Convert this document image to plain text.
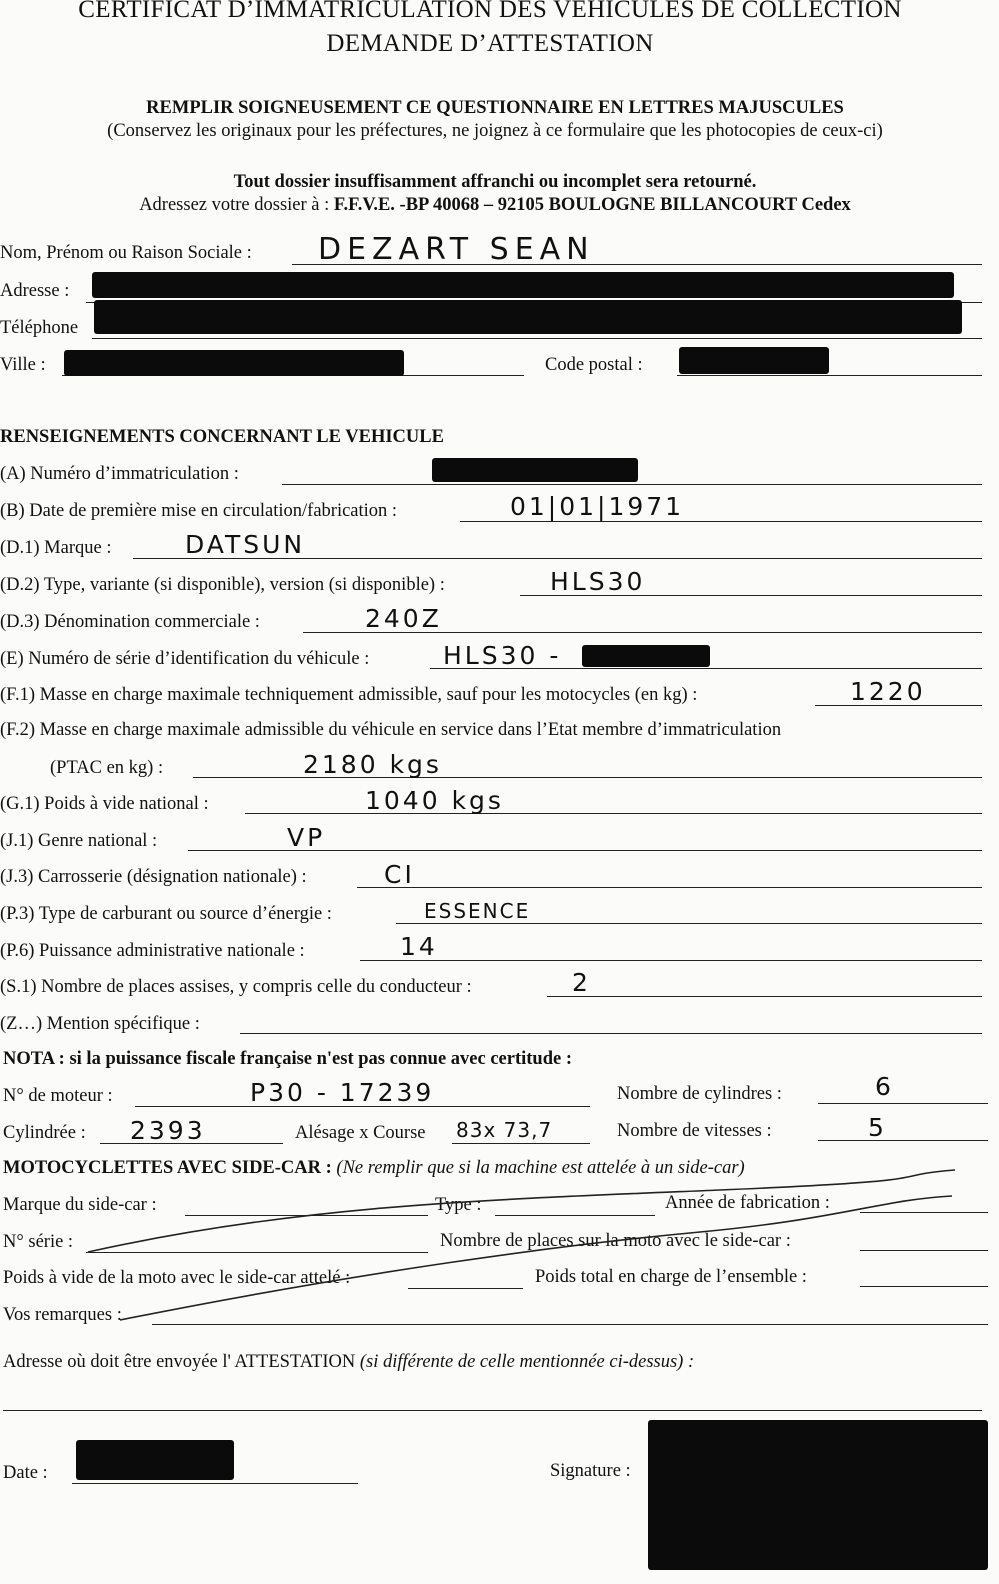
CERTIFICAT D’IMMATRICULATION DES VEHICULES DE COLLECTION
DEMANDE D’ATTESTATION
REMPLIR SOIGNEUSEMENT CE QUESTIONNAIRE EN LETTRES MAJUSCULES
(Conservez les originaux pour les préfectures, ne joignez à ce formulaire que les photocopies de ceux-ci)
Tout dossier insuffisamment affranchi ou incomplet sera retourné.
Adressez votre dossier à : F.F.V.E. -BP 40068 – 92105 BOULOGNE BILLANCOURT Cedex
Nom, Prénom ou Raison Sociale : DEZART SEAN
Adresse :
Téléphone
Ville :	Code postal :
RENSEIGNEMENTS CONCERNANT LE VEHICULE
(A) Numéro d’immatriculation :
(B) Date de première mise en circulation/fabrication :	01|01|1971
(D.1) Marque :	DATSUN
(D.2) Type, variante (si disponible), version (si disponible) :	HLS30
(D.3) Dénomination commerciale :	240Z
(E) Numéro de série d’identification du véhicule :	HLS30 -
(F.1) Masse en charge maximale techniquement admissible, sauf pour les motocycles (en kg) :	1220
(F.2) Masse en charge maximale admissible du véhicule en service dans l’Etat membre d’immatriculation
(PTAC en kg) :	2180 kgs
(G.1) Poids à vide national :	1040 kgs
(J.1) Genre national :	VP
(J.3) Carrosserie (désignation nationale) :	CI
(P.3) Type de carburant ou source d’énergie :	ESSENCE
(P.6) Puissance administrative nationale :	14
(S.1) Nombre de places assises, y compris celle du conducteur :	2
(Z…) Mention spécifique :
NOTA : si la puissance fiscale française n'est pas connue avec certitude :
N° de moteur :	P30 - 17239	Nombre de cylindres :	6
Cylindrée : 2393	Alésage x Course 83x 73,7	Nombre de vitesses :	5
MOTOCYCLETTES AVEC SIDE-CAR : (Ne remplir que si la machine est attelée à un side-car)
Marque du side-car :	Type :	Année de fabrication :
N° série :	Nombre de places sur la moto avec le side-car :
Poids à vide de la moto avec le side-car attelé :	Poids total en charge de l’ensemble :
Vos remarques :
Adresse où doit être envoyée l' ATTESTATION (si différente de celle mentionnée ci-dessus) :
Date :	Signature :
